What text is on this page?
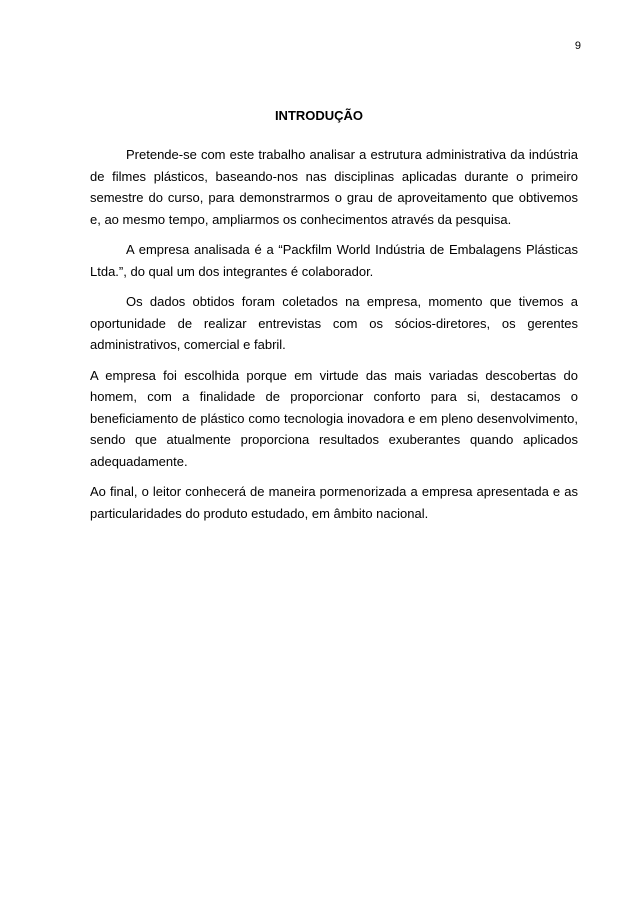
9
INTRODUÇÃO

Pretende-se com este trabalho analisar a estrutura administrativa da indústria de filmes plásticos, baseando-nos nas disciplinas aplicadas durante o primeiro semestre do curso, para demonstrarmos o grau de aproveitamento que obtivemos e, ao mesmo tempo, ampliarmos os conhecimentos através da pesquisa.

A empresa analisada é a “Packfilm World Indústria de Embalagens Plásticas Ltda.”, do qual um dos integrantes é colaborador.

Os dados obtidos foram coletados na empresa, momento que tivemos a oportunidade de realizar entrevistas com os sócios-diretores, os gerentes administrativos, comercial e fabril.

A empresa foi escolhida porque em virtude das mais variadas descobertas do homem, com a finalidade de proporcionar conforto para si, destacamos o beneficiamento de plástico como tecnologia inovadora e em pleno desenvolvimento, sendo que atualmente proporciona resultados exuberantes quando aplicados adequadamente.

Ao final, o leitor conhecerá de maneira pormenorizada a empresa apresentada e as particularidades do produto estudado, em âmbito nacional.
